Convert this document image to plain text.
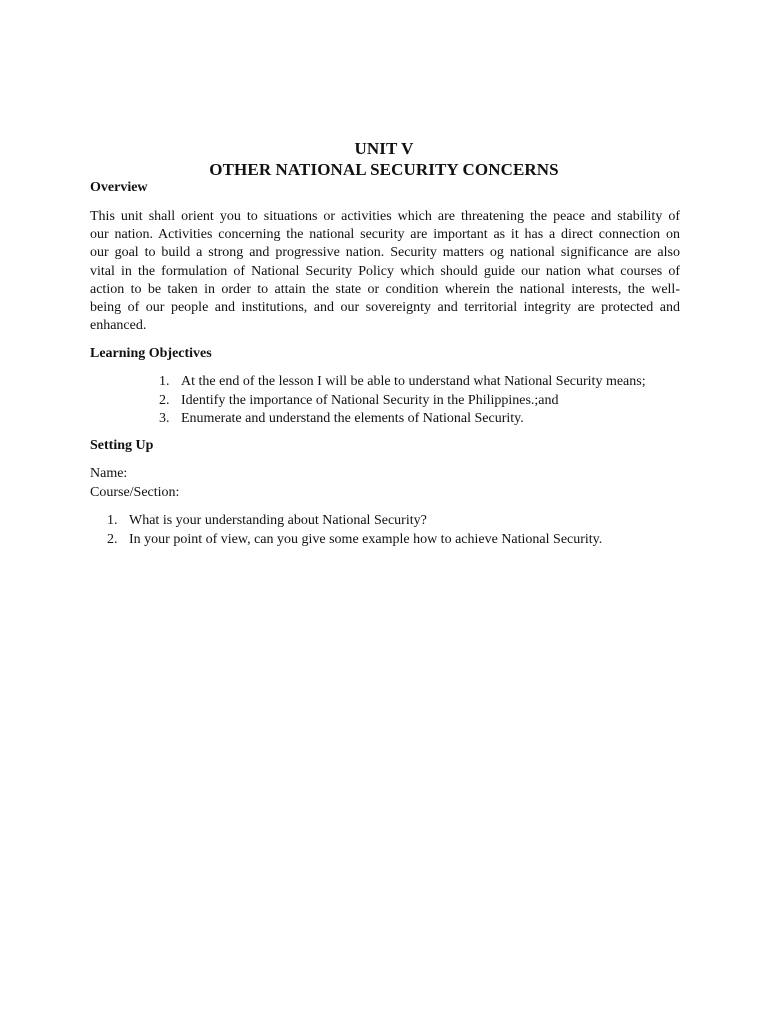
UNIT V
OTHER NATIONAL SECURITY CONCERNS
Overview
This unit shall orient you to situations or activities which are threatening the peace and stability of
our nation. Activities concerning the national security are important as it has a direct connection on
our goal to build a strong and progressive nation. Security matters og national significance are also
vital in the formulation of National Security Policy which should guide our nation what courses of
action to be taken in order to attain the state or condition wherein the national interests, the well-
being of our people and institutions, and our sovereignty and territorial integrity are protected and
enhanced.
Learning Objectives
1. At the end of the lesson I will be able to understand what National Security means;
2. Identify the importance of National Security in the Philippines.;and
3. Enumerate and understand the elements of National Security.
Setting Up
Name:
Course/Section:
1. What is your understanding about National Security?
2. In your point of view, can you give some example how to achieve National Security.
